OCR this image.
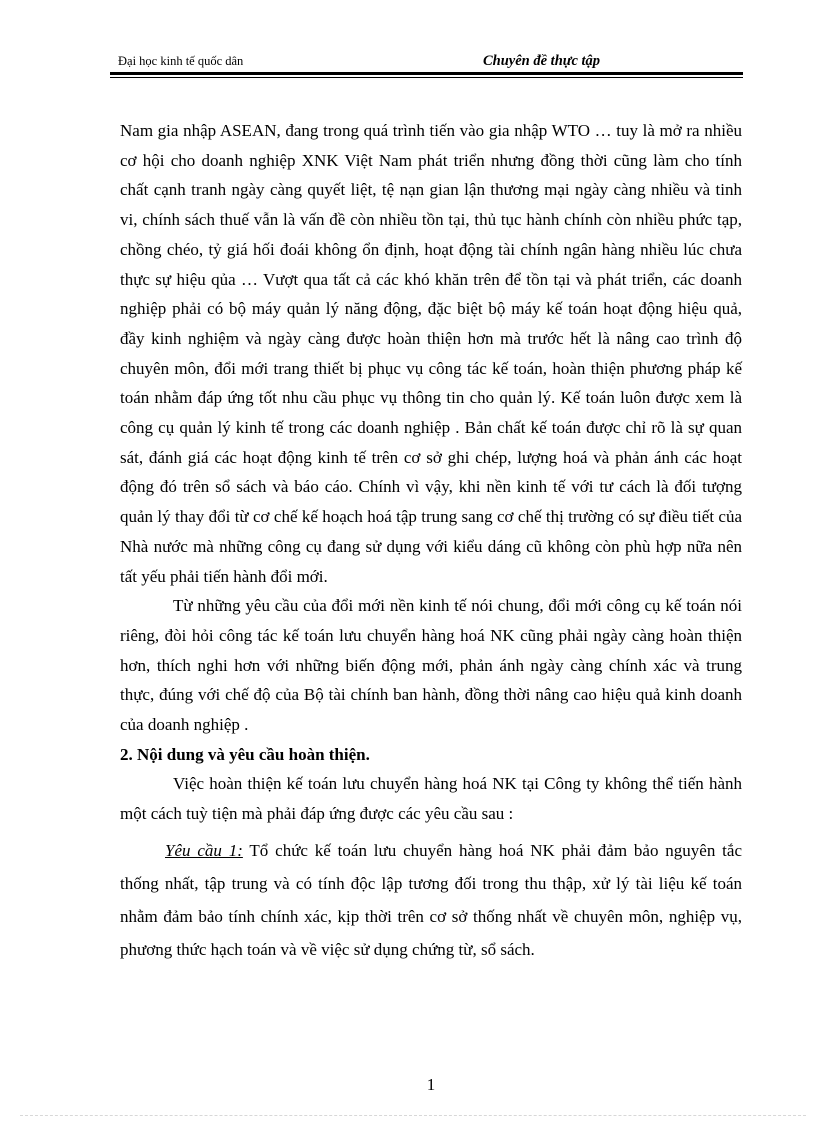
Đại học kinh tế quốc dân	Chuyên đề thực tập

Nam gia nhập ASEAN, đang trong quá trình tiến vào gia nhập WTO … tuy là mở ra nhiều cơ hội cho doanh nghiệp XNK Việt Nam phát triển nhưng đồng thời cũng làm cho tính chất cạnh tranh ngày càng quyết liệt, tệ nạn gian lận thương mại ngày càng nhiều và tinh vi, chính sách thuế vẫn là vấn đề còn nhiều tồn tại, thủ tục hành chính còn nhiều phức tạp, chồng chéo, tỷ giá hối đoái không ổn định, hoạt động tài chính ngân hàng nhiều lúc chưa thực sự hiệu qủa … Vượt qua tất cả các khó khăn trên để tồn tại và phát triển, các doanh nghiệp phải có bộ máy quản lý năng động, đặc biệt bộ máy kế toán hoạt động hiệu quả, đầy kinh nghiệm và ngày càng được hoàn thiện hơn mà trước hết là nâng cao trình độ chuyên môn, đổi mới trang thiết bị phục vụ công tác kế toán, hoàn thiện phương pháp kế toán nhằm đáp ứng tốt nhu cầu phục vụ thông tin cho quản lý. Kế toán luôn được xem là công cụ quản lý kinh tế trong các doanh nghiệp . Bản chất kế toán được chỉ rõ là sự quan sát, đánh giá các hoạt động kinh tế trên cơ sở ghi chép, lượng hoá và phản ánh các hoạt động đó trên sổ sách và báo cáo. Chính vì vậy, khi nền kinh tế với tư cách là đối tượng quản lý thay đổi từ cơ chế kế hoạch hoá tập trung sang cơ chế thị trường có sự điều tiết của Nhà nước mà những công cụ đang sử dụng với kiểu dáng cũ không còn phù hợp nữa nên tất yếu phải tiến hành đổi mới.

Từ những yêu cầu của đổi mới nền kinh tế nói chung, đổi mới công cụ kế toán nói riêng, đòi hỏi công tác kế toán lưu chuyển hàng hoá NK cũng phải ngày càng hoàn thiện hơn, thích nghi hơn với những biến động mới, phản ánh ngày càng chính xác và trung thực, đúng với chế độ của Bộ tài chính ban hành, đồng thời nâng cao hiệu quả kinh doanh của doanh nghiệp .

2. Nội dung và yêu cầu hoàn thiện.

Việc hoàn thiện kế toán lưu chuyển hàng hoá NK tại Công ty không thể tiến hành một cách tuỳ tiện mà phải đáp ứng được các yêu cầu sau :

Yêu cầu 1: Tổ chức kế toán lưu chuyển hàng hoá NK phải đảm bảo nguyên tắc thống nhất, tập trung và có tính độc lập tương đối trong thu thập, xử lý tài liệu kế toán nhằm đảm bảo tính chính xác, kịp thời trên cơ sở thống nhất về chuyên môn, nghiệp vụ, phương thức hạch toán và về việc sử dụng chứng từ, sổ sách.

1
